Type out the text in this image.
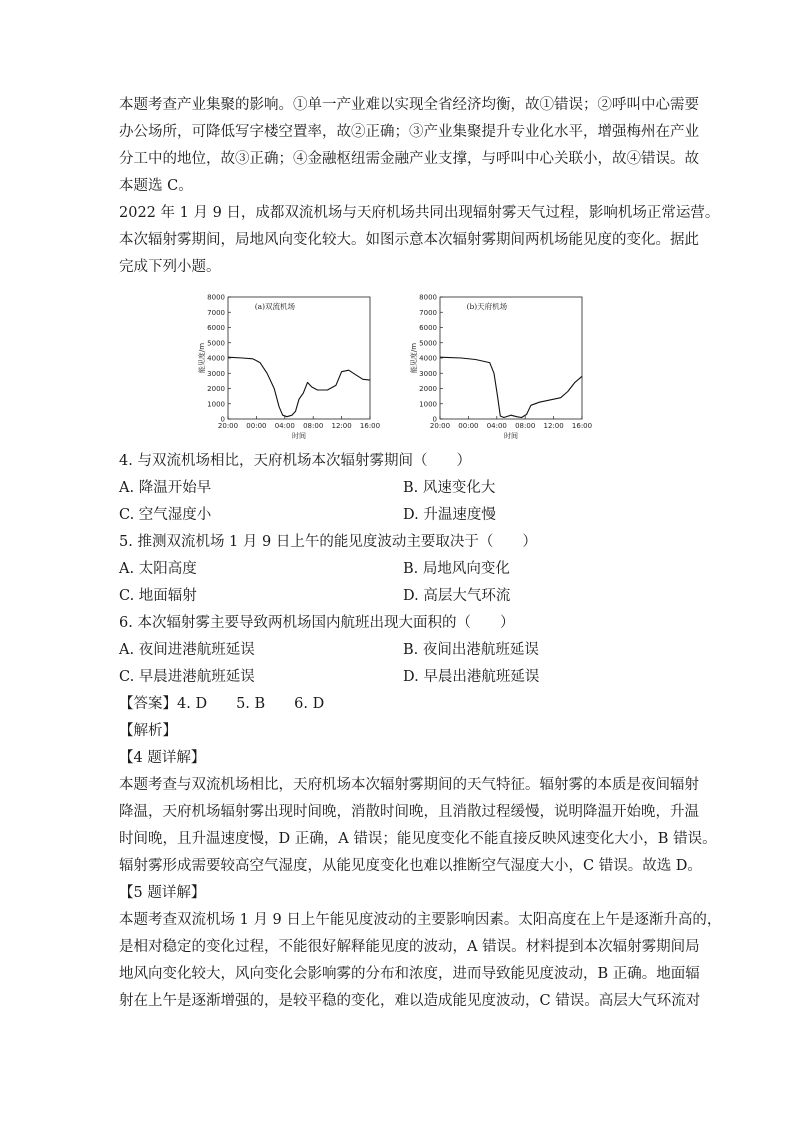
本题考查产业集聚的影响。①单一产业难以实现全省经济均衡，故①错误；②呼叫中心需要
办公场所，可降低写字楼空置率，故②正确；③产业集聚提升专业化水平，增强梅州在产业
分工中的地位，故③正确；④金融枢纽需金融产业支撑，与呼叫中心关联小，故④错误。故
本题选 C。
2022 年 1 月 9 日，成都双流机场与天府机场共同出现辐射雾天气过程，影响机场正常运营。
本次辐射雾期间，局地风向变化较大。如图示意本次辐射雾期间两机场能见度的变化。据此
完成下列小题。
0
1000
2000
3000
4000
5000
6000
7000
8000
20:00 00:00 04:00 08:00 12:00 16:00
时间
能见度/m
(a)双流机场
0
1000
2000
3000
4000
5000
6000
7000
8000
20:00 00:00 04:00 08:00 12:00 16:00
时间
能见度/m
(b)天府机场
4. 与双流机场相比，天府机场本次辐射雾期间（　　）
A. 降温开始早	B. 风速变化大
C. 空气湿度小	D. 升温速度慢
5. 推测双流机场 1 月 9 日上午的能见度波动主要取决于（　　）
A. 太阳高度	B. 局地风向变化
C. 地面辐射	D. 高层大气环流
6. 本次辐射雾主要导致两机场国内航班出现大面积的（　　）
A. 夜间进港航班延误	B. 夜间出港航班延误
C. 早晨进港航班延误	D. 早晨出港航班延误
【答案】4. D　　5. B　　6. D
【解析】
【4 题详解】
本题考查与双流机场相比，天府机场本次辐射雾期间的天气特征。辐射雾的本质是夜间辐射
降温，天府机场辐射雾出现时间晚，消散时间晚，且消散过程缓慢，说明降温开始晚，升温
时间晚，且升温速度慢，D 正确，A 错误；能见度变化不能直接反映风速变化大小，B 错误。
辐射雾形成需要较高空气湿度，从能见度变化也难以推断空气湿度大小，C 错误。故选 D。
【5 题详解】
本题考查双流机场 1 月 9 日上午能见度波动的主要影响因素。太阳高度在上午是逐渐升高的，
是相对稳定的变化过程，不能很好解释能见度的波动，A 错误。材料提到本次辐射雾期间局
地风向变化较大，风向变化会影响雾的分布和浓度，进而导致能见度波动，B 正确。地面辐
射在上午是逐渐增强的，是较平稳的变化，难以造成能见度波动，C 错误。高层大气环流对
